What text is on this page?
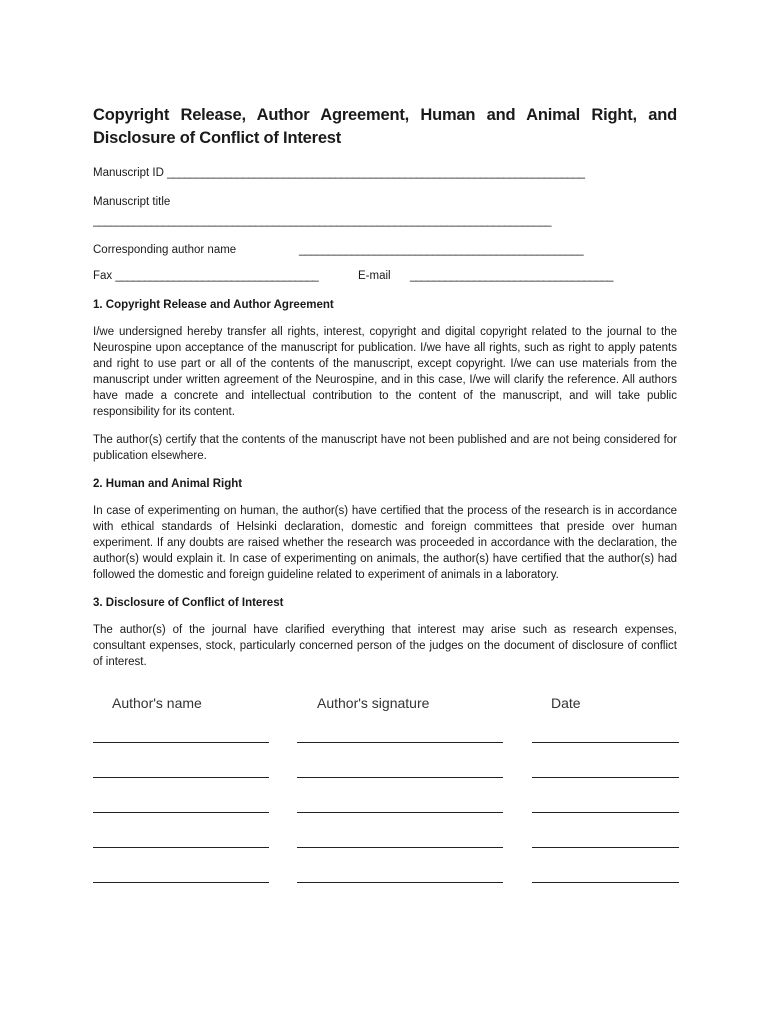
Copyright Release, Author Agreement, Human and Animal Right, and Disclosure of Conflict of Interest
Manuscript ID ________________________________________________________________________
Manuscript title
_______________________________________________________________________________
Corresponding author name	_________________________________________________
Fax ___________________________________	E-mail	___________________________________
1. Copyright Release and Author Agreement

I/we undersigned hereby transfer all rights, interest, copyright and digital copyright related to the journal to the Neurospine upon acceptance of the manuscript for publication. I/we have all rights, such as right to apply patents and right to use part or all of the contents of the manuscript, except copyright. I/we can use materials from the manuscript under written agreement of the Neurospine, and in this case, I/we will clarify the reference. All authors have made a concrete and intellectual contribution to the content of the manuscript, and will take public responsibility for its content.

The author(s) certify that the contents of the manuscript have not been published and are not being considered for publication elsewhere.

2. Human and Animal Right

In case of experimenting on human, the author(s) have certified that the process of the research is in accordance with ethical standards of Helsinki declaration, domestic and foreign committees that preside over human experiment. If any doubts are raised whether the research was proceeded in accordance with the declaration, the author(s) would explain it. In case of experimenting on animals, the author(s) have certified that the author(s) had followed the domestic and foreign guideline related to experiment of animals in a laboratory.

3. Disclosure of Conflict of Interest

The author(s) of the journal have clarified everything that interest may arise such as research expenses, consultant expenses, stock, particularly concerned person of the judges on the document of disclosure of conflict of interest.

Author's name	Author's signature	Date
